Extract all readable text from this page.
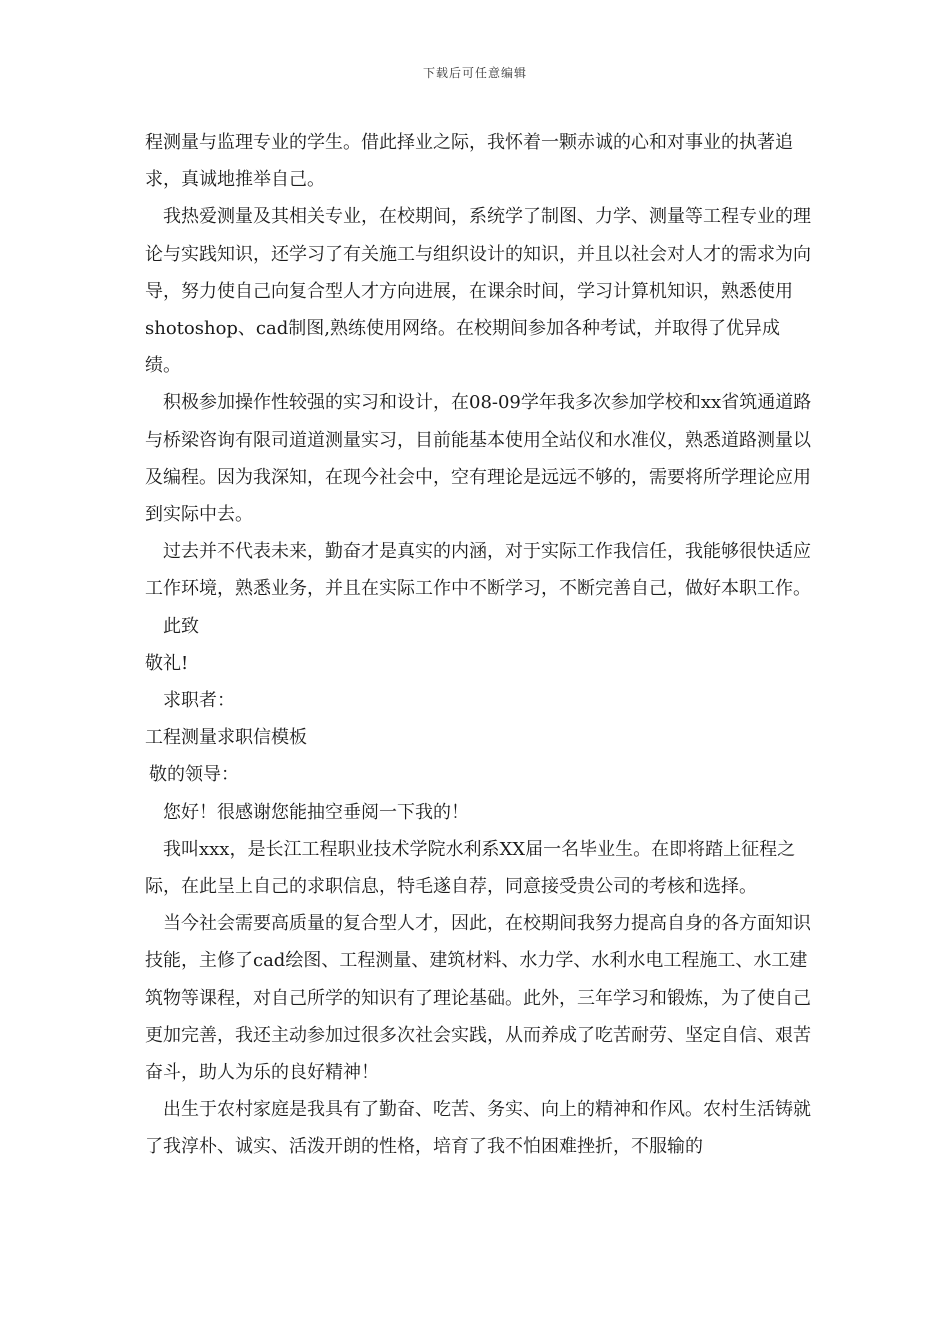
下载后可任意编辑

程测量与监理专业的学生。借此择业之际，我怀着一颗赤诚的心和对事业的执著追求，真诚地推举自己。

我热爱测量及其相关专业，在校期间，系统学了制图、力学、测量等工程专业的理论与实践知识，还学习了有关施工与组织设计的知识，并且以社会对人才的需求为向导，努力使自己向复合型人才方向进展，在课余时间，学习计算机知识，熟悉使用shotoshop、cad制图,熟练使用网络。在校期间参加各种考试，并取得了优异成绩。

积极参加操作性较强的实习和设计，在08-09学年我多次参加学校和xx省筑通道路与桥梁咨询有限司道道测量实习，目前能基本使用全站仪和水准仪，熟悉道路测量以及编程。因为我深知，在现今社会中，空有理论是远远不够的，需要将所学理论应用到实际中去。

过去并不代表未来，勤奋才是真实的内涵，对于实际工作我信任，我能够很快适应工作环境，熟悉业务，并且在实际工作中不断学习，不断完善自己，做好本职工作。

此致

敬礼!

求职者：

工程测量求职信模板

敬的领导：

您好！很感谢您能抽空垂阅一下我的！

我叫xxx，是长江工程职业技术学院水利系XX届一名毕业生。在即将踏上征程之际，在此呈上自己的求职信息，特毛遂自荐，同意接受贵公司的考核和选择。

当今社会需要高质量的复合型人才，因此，在校期间我努力提高自身的各方面知识技能，主修了cad绘图、工程测量、建筑材料、水力学、水利水电工程施工、水工建筑物等课程，对自己所学的知识有了理论基础。此外，三年学习和锻炼，为了使自己更加完善，我还主动参加过很多次社会实践，从而养成了吃苦耐劳、坚定自信、艰苦奋斗，助人为乐的良好精神！

出生于农村家庭是我具有了勤奋、吃苦、务实、向上的精神和作风。农村生活铸就了我淳朴、诚实、活泼开朗的性格，培育了我不怕困难挫折，不服输的
